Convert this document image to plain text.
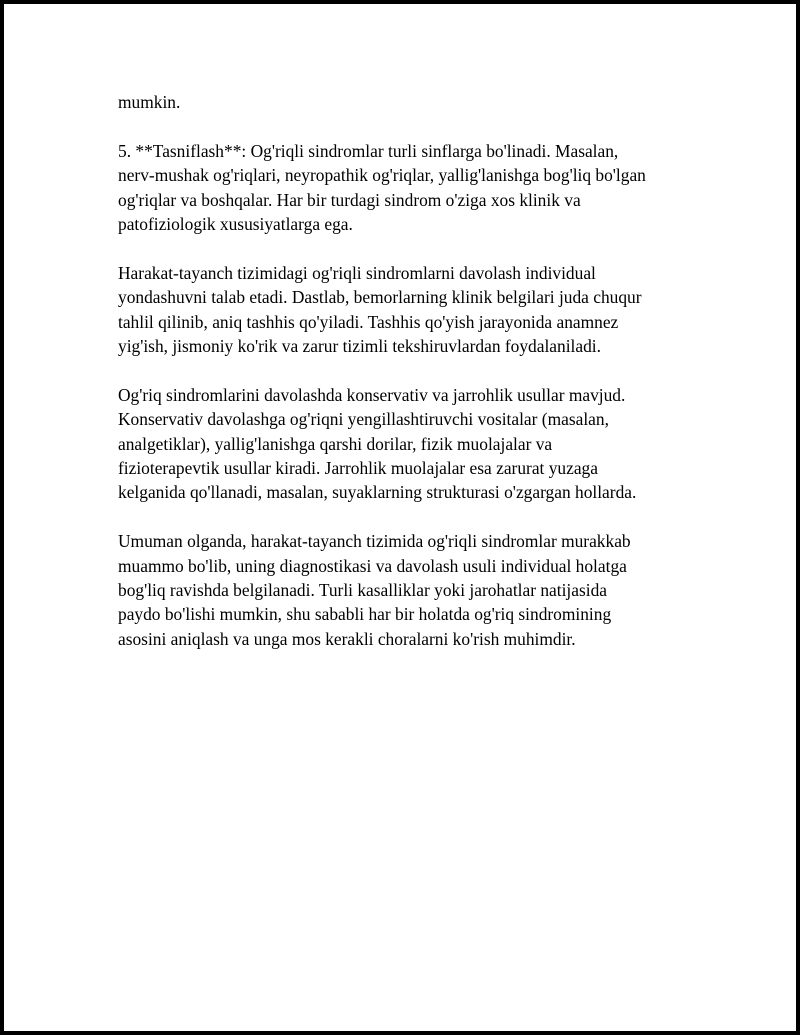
mumkin.

5. **Tasniflash**: Og'riqli sindromlar turli sinflarga bo'linadi. Masalan,
nerv-mushak og'riqlari, neyropathik og'riqlar, yallig'lanishga bog'liq bo'lgan
og'riqlar va boshqalar. Har bir turdagi sindrom o'ziga xos klinik va
patofiziologik xususiyatlarga ega.

Harakat-tayanch tizimidagi og'riqli sindromlarni davolash individual
yondashuvni talab etadi. Dastlab, bemorlarning klinik belgilari juda chuqur
tahlil qilinib, aniq tashhis qo'yiladi. Tashhis qo'yish jarayonida anamnez
yig'ish, jismoniy ko'rik va zarur tizimli tekshiruvlardan foydalaniladi.

Og'riq sindromlarini davolashda konservativ va jarrohlik usullar mavjud.
Konservativ davolashga og'riqni yengillashtiruvchi vositalar (masalan,
analgetiklar), yallig'lanishga qarshi dorilar, fizik muolajalar va
fizioterapevtik usullar kiradi. Jarrohlik muolajalar esa zarurat yuzaga
kelganida qo'llanadi, masalan, suyaklarning strukturasi o'zgargan hollarda.

Umuman olganda, harakat-tayanch tizimida og'riqli sindromlar murakkab
muammo bo'lib, uning diagnostikasi va davolash usuli individual holatga
bog'liq ravishda belgilanadi. Turli kasalliklar yoki jarohatlar natijasida
paydo bo'lishi mumkin, shu sababli har bir holatda og'riq sindromining
asosini aniqlash va unga mos kerakli choralarni ko'rish muhimdir.
